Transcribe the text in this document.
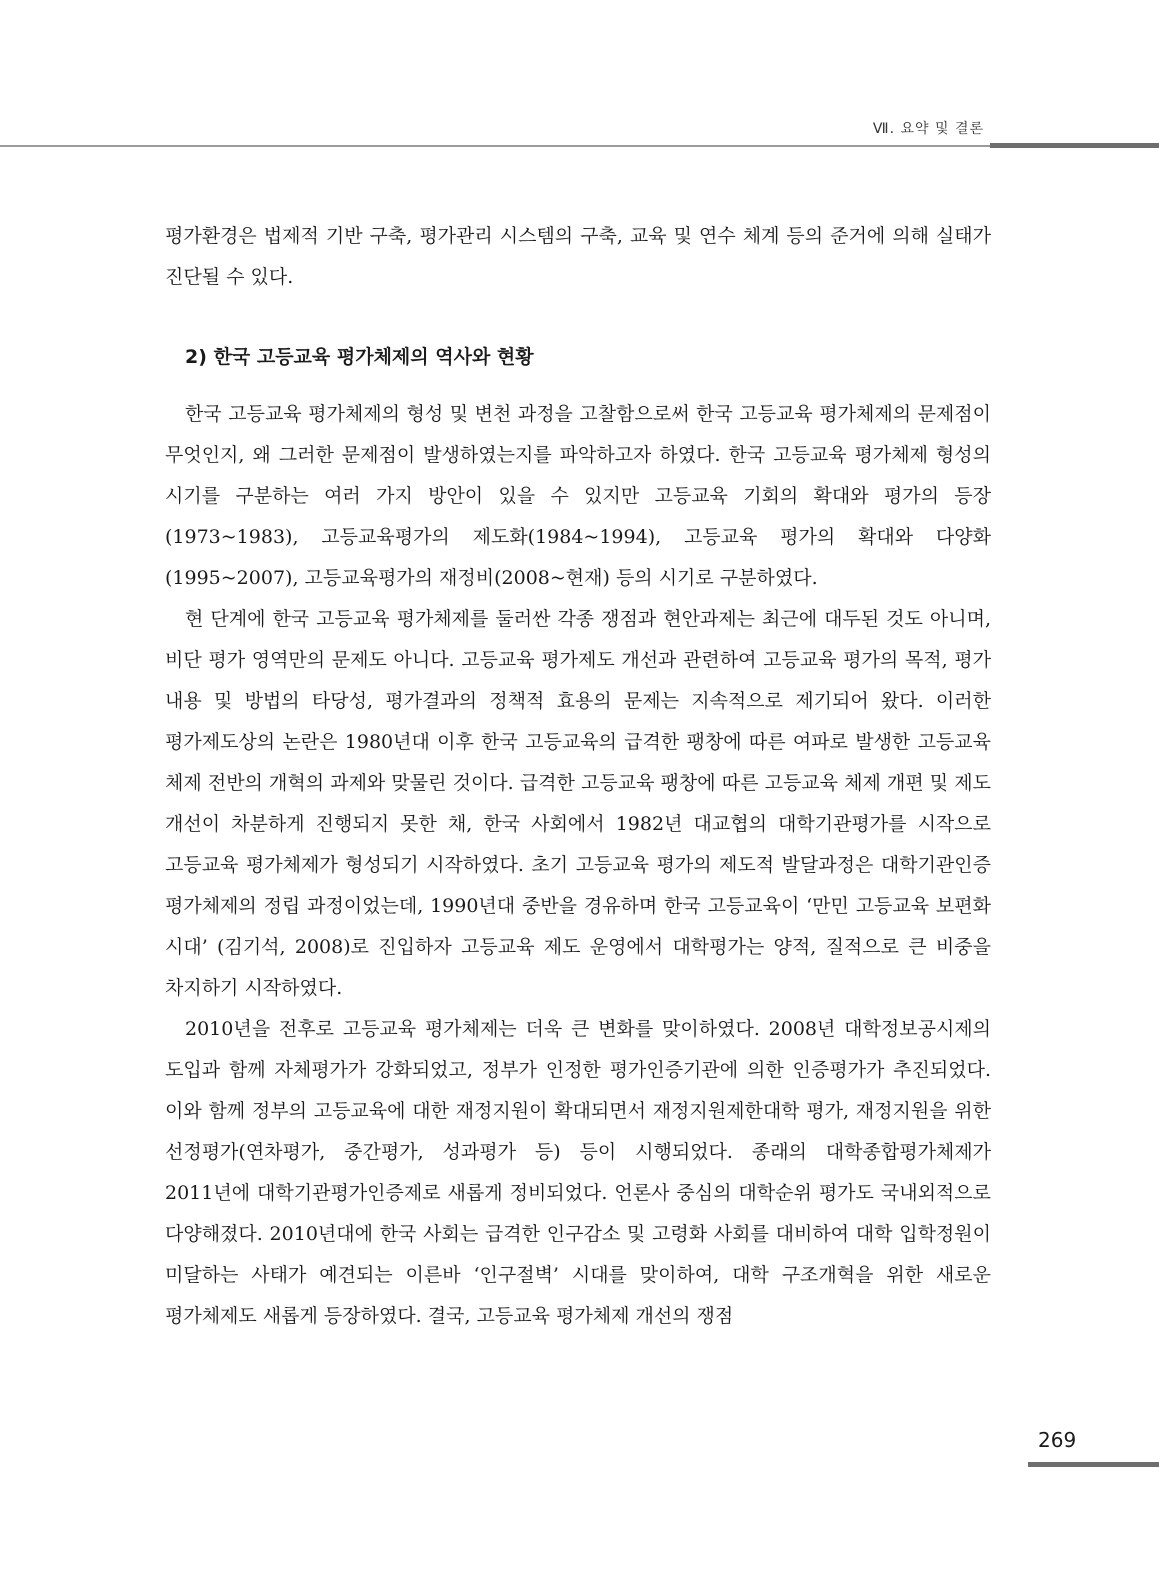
Ⅶ. 요약 및 결론
평가환경은 법제적 기반 구축, 평가관리 시스템의 구축, 교육 및 연수 체계 등의 준거에 의해 실태가 진단될 수 있다.
2) 한국 고등교육 평가체제의 역사와 현황

한국 고등교육 평가체제의 형성 및 변천 과정을 고찰함으로써 한국 고등교육 평가체제의 문제점이 무엇인지, 왜 그러한 문제점이 발생하였는지를 파악하고자 하였다. 한국 고등교육 평가체제 형성의 시기를 구분하는 여러 가지 방안이 있을 수 있지만 고등교육 기회의 확대와 평가의 등장(1973~1983), 고등교육평가의 제도화(1984~1994), 고등교육 평가의 확대와 다양화(1995~2007), 고등교육평가의 재정비(2008~현재) 등의 시기로 구분하였다.

현 단계에 한국 고등교육 평가체제를 둘러싼 각종 쟁점과 현안과제는 최근에 대두된 것도 아니며, 비단 평가 영역만의 문제도 아니다. 고등교육 평가제도 개선과 관련하여 고등교육 평가의 목적, 평가 내용 및 방법의 타당성, 평가결과의 정책적 효용의 문제는 지속적으로 제기되어 왔다. 이러한 평가제도상의 논란은 1980년대 이후 한국 고등교육의 급격한 팽창에 따른 여파로 발생한 고등교육 체제 전반의 개혁의 과제와 맞물린 것이다. 급격한 고등교육 팽창에 따른 고등교육 체제 개편 및 제도 개선이 차분하게 진행되지 못한 채, 한국 사회에서 1982년 대교협의 대학기관평가를 시작으로 고등교육 평가체제가 형성되기 시작하였다. 초기 고등교육 평가의 제도적 발달과정은 대학기관인증 평가체제의 정립 과정이었는데, 1990년대 중반을 경유하며 한국 고등교육이 ‘만민 고등교육 보편화 시대’ (김기석, 2008)로 진입하자 고등교육 제도 운영에서 대학평가는 양적, 질적으로 큰 비중을 차지하기 시작하였다.

2010년을 전후로 고등교육 평가체제는 더욱 큰 변화를 맞이하였다. 2008년 대학정보공시제의 도입과 함께 자체평가가 강화되었고, 정부가 인정한 평가인증기관에 의한 인증평가가 추진되었다. 이와 함께 정부의 고등교육에 대한 재정지원이 확대되면서 재정지원제한대학 평가, 재정지원을 위한 선정평가(연차평가, 중간평가, 성과평가 등) 등이 시행되었다. 종래의 대학종합평가체제가 2011년에 대학기관평가인증제로 새롭게 정비되었다. 언론사 중심의 대학순위 평가도 국내외적으로 다양해졌다. 2010년대에 한국 사회는 급격한 인구감소 및 고령화 사회를 대비하여 대학 입학정원이 미달하는 사태가 예견되는 이른바 ‘인구절벽’ 시대를 맞이하여, 대학 구조개혁을 위한 새로운 평가체제도 새롭게 등장하였다. 결국, 고등교육 평가체제 개선의 쟁점

269
